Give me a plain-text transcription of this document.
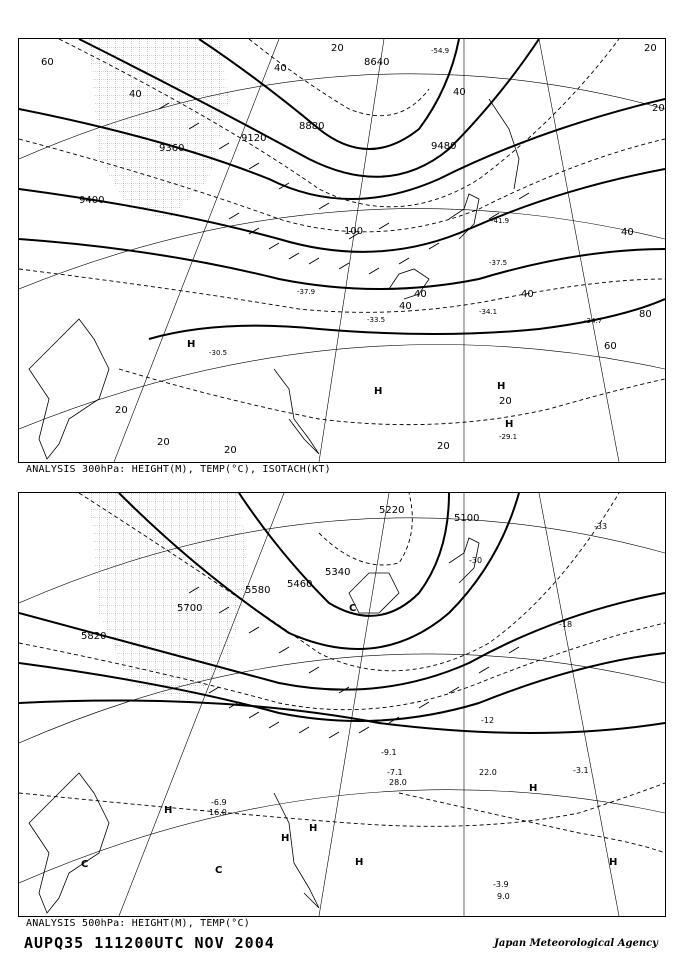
8640
8880
9120
9360
9400
9480
20	20
20
40
40
40
40
40
60
60
80
100
20
20
20
20
20
40
40
-54.9
-41.9
-37.5
-34.1
-33.5
-29.1
-30.5
-37.9
-34.7
H
H	H
H
ANALYSIS 300hPa: HEIGHT(M), TEMP(°C), ISOTACH(KT)
5100
5220
5340
5460
5580
5700
5820
-33
-30
-18
-12
-9.1
-3.1
-7.1
-6.9
-3.9
9.0
22.0
28.0
16.0
H
H
H
H
H
H
C
C
C
ANALYSIS 500hPa: HEIGHT(M), TEMP(°C)
AUPQ35 111200UTC NOV 2004	Japan Meteorological Agency
